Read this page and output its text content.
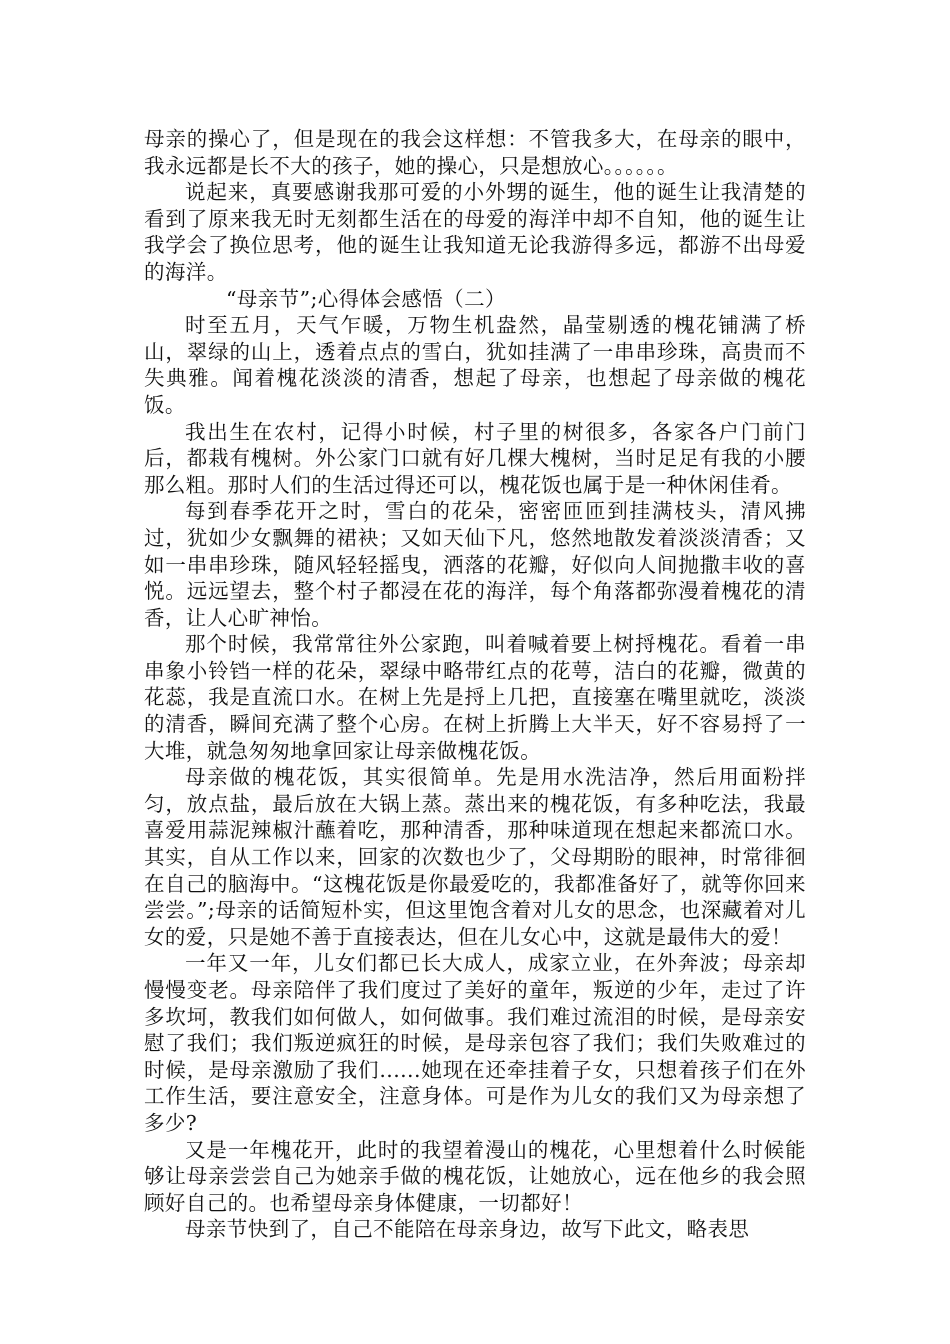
母亲的操心了，但是现在的我会这样想：不管我多大，在母亲的眼中，我永远都是长不大的孩子，她的操心，只是想放心。。。。。。

说起来，真要感谢我那可爱的小外甥的诞生，他的诞生让我清楚的看到了原来我无时无刻都生活在的母爱的海洋中却不自知，他的诞生让我学会了换位思考，他的诞生让我知道无论我游得多远，都游不出母爱的海洋。

“母亲节”;心得体会感悟（二）

时至五月，天气乍暖，万物生机盎然，晶莹剔透的槐花铺满了桥山，翠绿的山上，透着点点的雪白，犹如挂满了一串串珍珠，高贵而不失典雅。闻着槐花淡淡的清香，想起了母亲，也想起了母亲做的槐花饭。

我出生在农村，记得小时候，村子里的树很多，各家各户门前门后，都栽有槐树。外公家门口就有好几棵大槐树，当时足足有我的小腰那么粗。那时人们的生活过得还可以，槐花饭也属于是一种休闲佳肴。

每到春季花开之时，雪白的花朵，密密匝匝到挂满枝头，清风拂过，犹如少女飘舞的裙袂；又如天仙下凡，悠然地散发着淡淡清香；又如一串串珍珠，随风轻轻摇曳，洒落的花瓣，好似向人间抛撒丰收的喜悦。远远望去，整个村子都浸在花的海洋，每个角落都弥漫着槐花的清香，让人心旷神怡。

那个时候，我常常往外公家跑，叫着喊着要上树捋槐花。看着一串串象小铃铛一样的花朵，翠绿中略带红点的花萼，洁白的花瓣，微黄的花蕊，我是直流口水。在树上先是捋上几把，直接塞在嘴里就吃，淡淡的清香，瞬间充满了整个心房。在树上折腾上大半天，好不容易捋了一大堆，就急匆匆地拿回家让母亲做槐花饭。

母亲做的槐花饭，其实很简单。先是用水洗洁净，然后用面粉拌匀，放点盐，最后放在大锅上蒸。蒸出来的槐花饭，有多种吃法，我最喜爱用蒜泥辣椒汁蘸着吃，那种清香，那种味道现在想起来都流口水。其实，自从工作以来，回家的次数也少了，父母期盼的眼神，时常徘徊在自己的脑海中。“这槐花饭是你最爱吃的，我都准备好了，就等你回来尝尝。”;母亲的话简短朴实，但这里饱含着对儿女的思念，也深藏着对儿女的爱，只是她不善于直接表达，但在儿女心中，这就是最伟大的爱！

一年又一年，儿女们都已长大成人，成家立业，在外奔波；母亲却慢慢变老。母亲陪伴了我们度过了美好的童年，叛逆的少年，走过了许多坎坷，教我们如何做人，如何做事。我们难过流泪的时候，是母亲安慰了我们；我们叛逆疯狂的时候，是母亲包容了我们；我们失败难过的时候，是母亲激励了我们......她现在还牵挂着子女，只想着孩子们在外工作生活，要注意安全，注意身体。可是作为儿女的我们又为母亲想了多少?

又是一年槐花开，此时的我望着漫山的槐花，心里想着什么时候能够让母亲尝尝自己为她亲手做的槐花饭，让她放心，远在他乡的我会照顾好自己的。也希望母亲身体健康，一切都好！

母亲节快到了，自己不能陪在母亲身边，故写下此文，略表思
